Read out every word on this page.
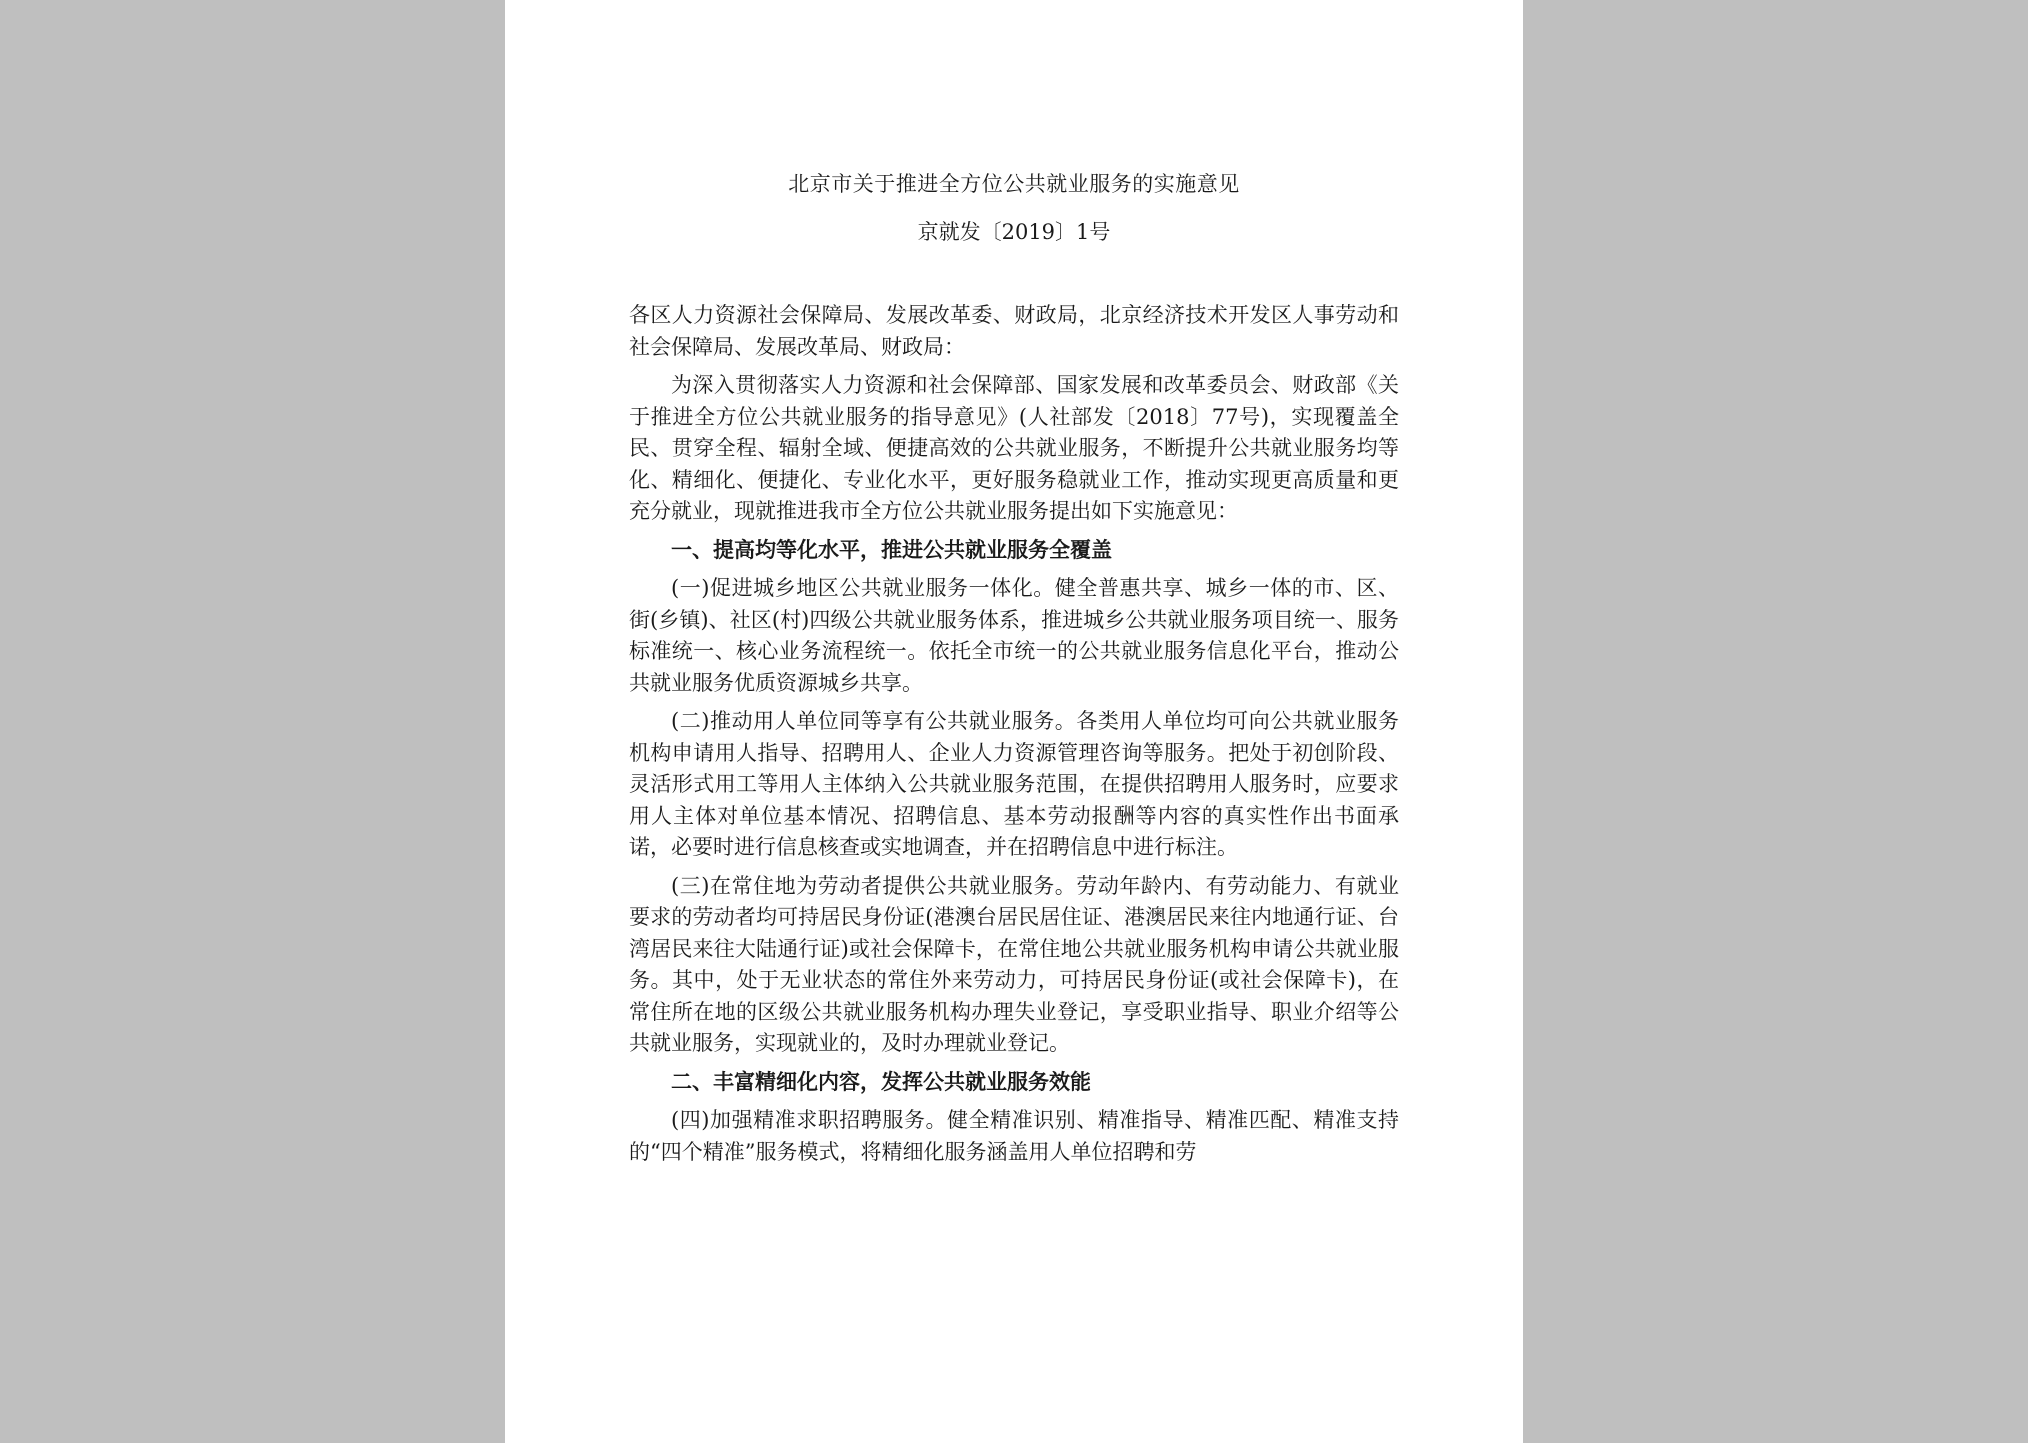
北京市关于推进全方位公共就业服务的实施意见

京就发〔2019〕1号

各区人力资源社会保障局、发展改革委、财政局，北京经济技术开发区人事劳动和社会保障局、发展改革局、财政局：

为深入贯彻落实人力资源和社会保障部、国家发展和改革委员会、财政部《关于推进全方位公共就业服务的指导意见》(人社部发〔2018〕77号)，实现覆盖全民、贯穿全程、辐射全域、便捷高效的公共就业服务，不断提升公共就业服务均等化、精细化、便捷化、专业化水平，更好服务稳就业工作，推动实现更高质量和更充分就业，现就推进我市全方位公共就业服务提出如下实施意见：

一、提高均等化水平，推进公共就业服务全覆盖

(一)促进城乡地区公共就业服务一体化。健全普惠共享、城乡一体的市、区、街(乡镇)、社区(村)四级公共就业服务体系，推进城乡公共就业服务项目统一、服务标准统一、核心业务流程统一。依托全市统一的公共就业服务信息化平台，推动公共就业服务优质资源城乡共享。

(二)推动用人单位同等享有公共就业服务。各类用人单位均可向公共就业服务机构申请用人指导、招聘用人、企业人力资源管理咨询等服务。把处于初创阶段、灵活形式用工等用人主体纳入公共就业服务范围，在提供招聘用人服务时，应要求用人主体对单位基本情况、招聘信息、基本劳动报酬等内容的真实性作出书面承诺，必要时进行信息核查或实地调查，并在招聘信息中进行标注。

(三)在常住地为劳动者提供公共就业服务。劳动年龄内、有劳动能力、有就业要求的劳动者均可持居民身份证(港澳台居民居住证、港澳居民来往内地通行证、台湾居民来往大陆通行证)或社会保障卡，在常住地公共就业服务机构申请公共就业服务。其中，处于无业状态的常住外来劳动力，可持居民身份证(或社会保障卡)，在常住所在地的区级公共就业服务机构办理失业登记，享受职业指导、职业介绍等公共就业服务，实现就业的，及时办理就业登记。

二、丰富精细化内容，发挥公共就业服务效能

(四)加强精准求职招聘服务。健全精准识别、精准指导、精准匹配、精准支持的“四个精准”服务模式，将精细化服务涵盖用人单位招聘和劳
